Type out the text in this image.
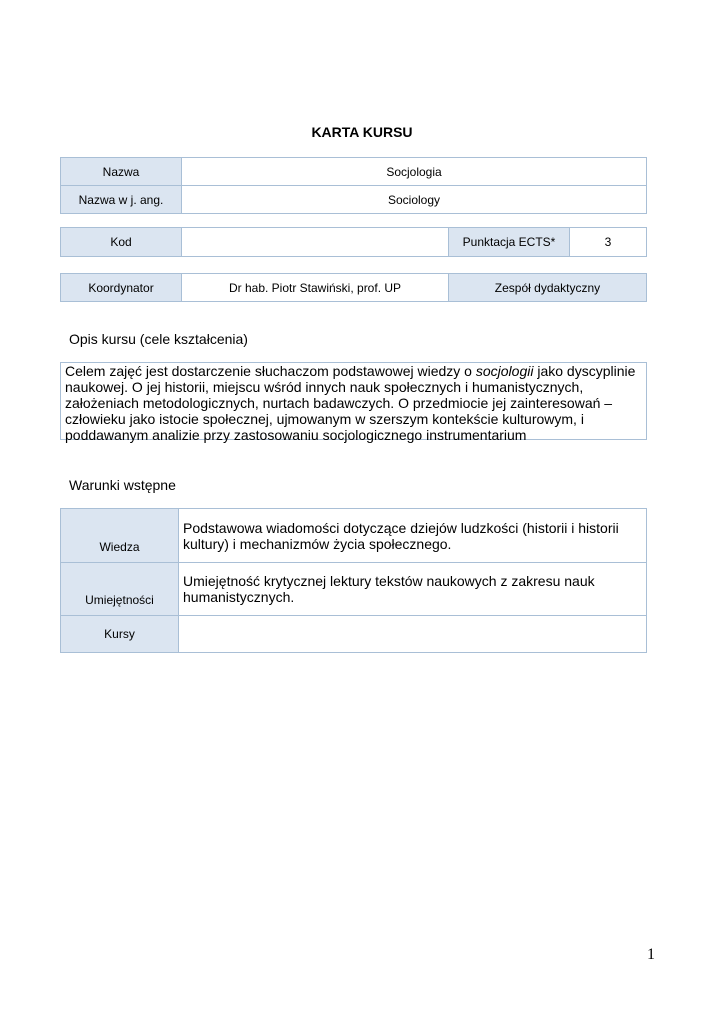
KARTA KURSU
Nazwa	Socjologia
Nazwa w j. ang.	Sociology
Kod		Punktacja ECTS*	3
Koordynator	Dr hab. Piotr Stawiński, prof. UP	Zespół dydaktyczny
Opis kursu (cele kształcenia)

Celem zajęć jest dostarczenie słuchaczom podstawowej wiedzy o socjologii jako dyscyplinie naukowej. O jej historii, miejscu wśród innych nauk społecznych i humanistycznych, założeniach metodologicznych, nurtach badawczych. O przedmiocie jej zainteresowań – człowieku jako istocie społecznej, ujmowanym w szerszym kontekście kulturowym, i poddawanym analizie przy zastosowaniu socjologicznego instrumentarium

Warunki wstępne
Wiedza	Podstawowa wiadomości dotyczące dziejów ludzkości (historii i historii kultury) i mechanizmów życia społecznego.
Umiejętności	Umiejętność krytycznej lektury tekstów naukowych z zakresu nauk humanistycznych.
Kursy	
1
